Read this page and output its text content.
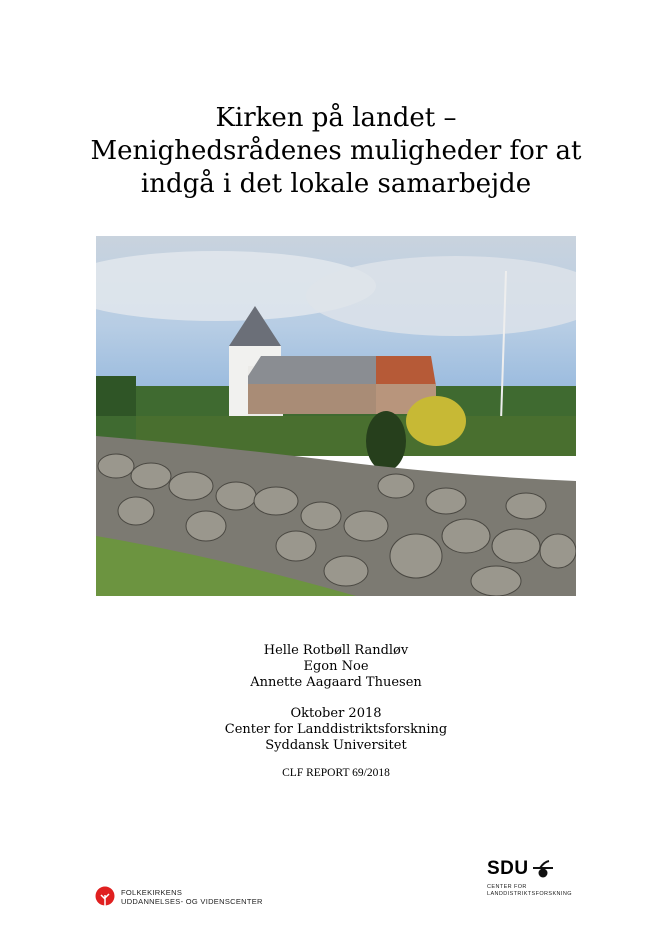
Kirken på landet –
Menighedsrådenes muligheder for at
indgå i det lokale samarbejde
Helle Rotbøll Randløv
Egon Noe
Annette Aagaard Thuesen
Oktober 2018
Center for Landdistriktsforskning
Syddansk Universitet
CLF REPORT 69/2018
FOLKEKIRKENS
UDDANNELSES- OG VIDENSCENTER
SDU
CENTER FOR
LANDDISTRIKTSFORSKNING
